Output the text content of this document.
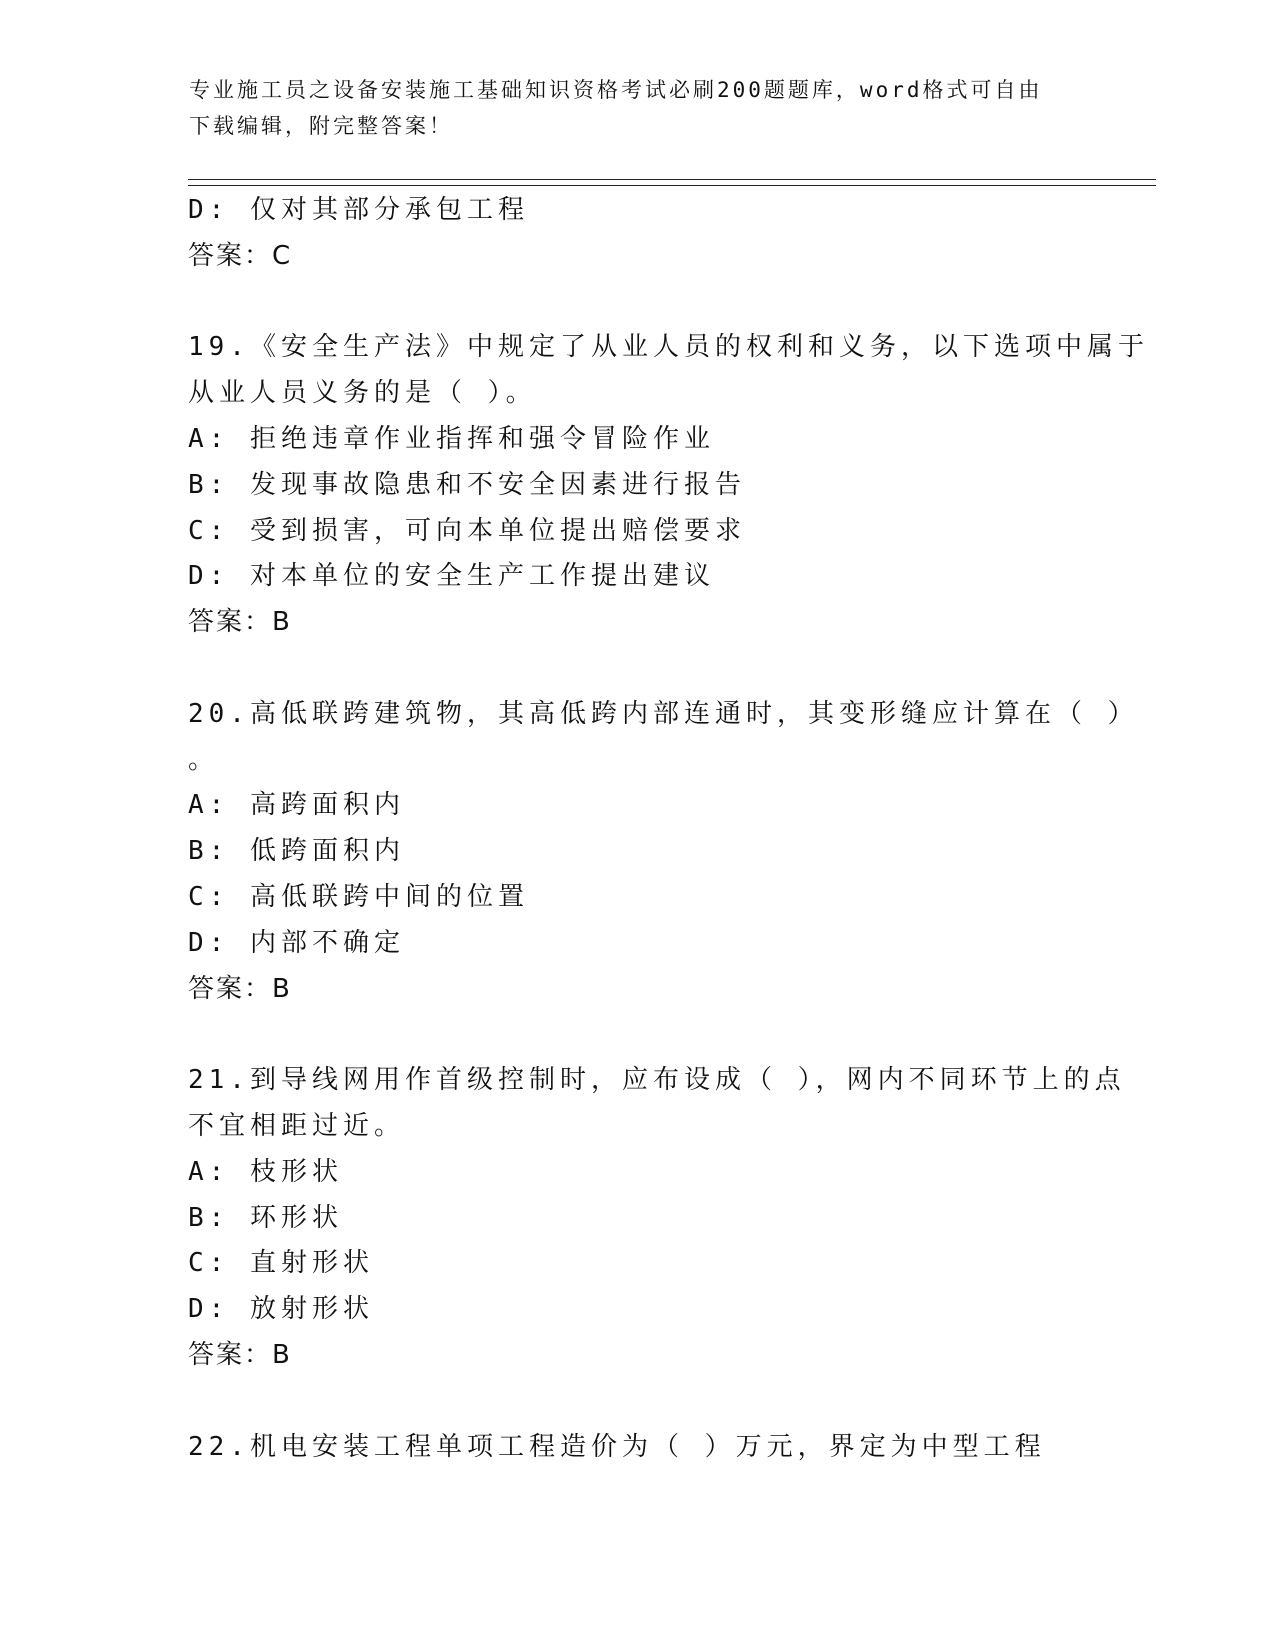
专业施工员之设备安装施工基础知识资格考试必刷200题题库，word格式可自由
下载编辑，附完整答案！
D: 仅对其部分承包工程
答案：C
19.《安全生产法》中规定了从业人员的权利和义务，以下选项中属于
从业人员义务的是（ ）。
A: 拒绝违章作业指挥和强令冒险作业
B: 发现事故隐患和不安全因素进行报告
C: 受到损害，可向本单位提出赔偿要求
D: 对本单位的安全生产工作提出建议
答案：B
20.高低联跨建筑物，其高低跨内部连通时，其变形缝应计算在（ ）
。
A: 高跨面积内
B: 低跨面积内
C: 高低联跨中间的位置
D: 内部不确定
答案：B
21.到导线网用作首级控制时，应布设成（ ），网内不同环节上的点
不宜相距过近。
A: 枝形状
B: 环形状
C: 直射形状
D: 放射形状
答案：B
22.机电安装工程单项工程造价为（ ）万元，界定为中型工程
